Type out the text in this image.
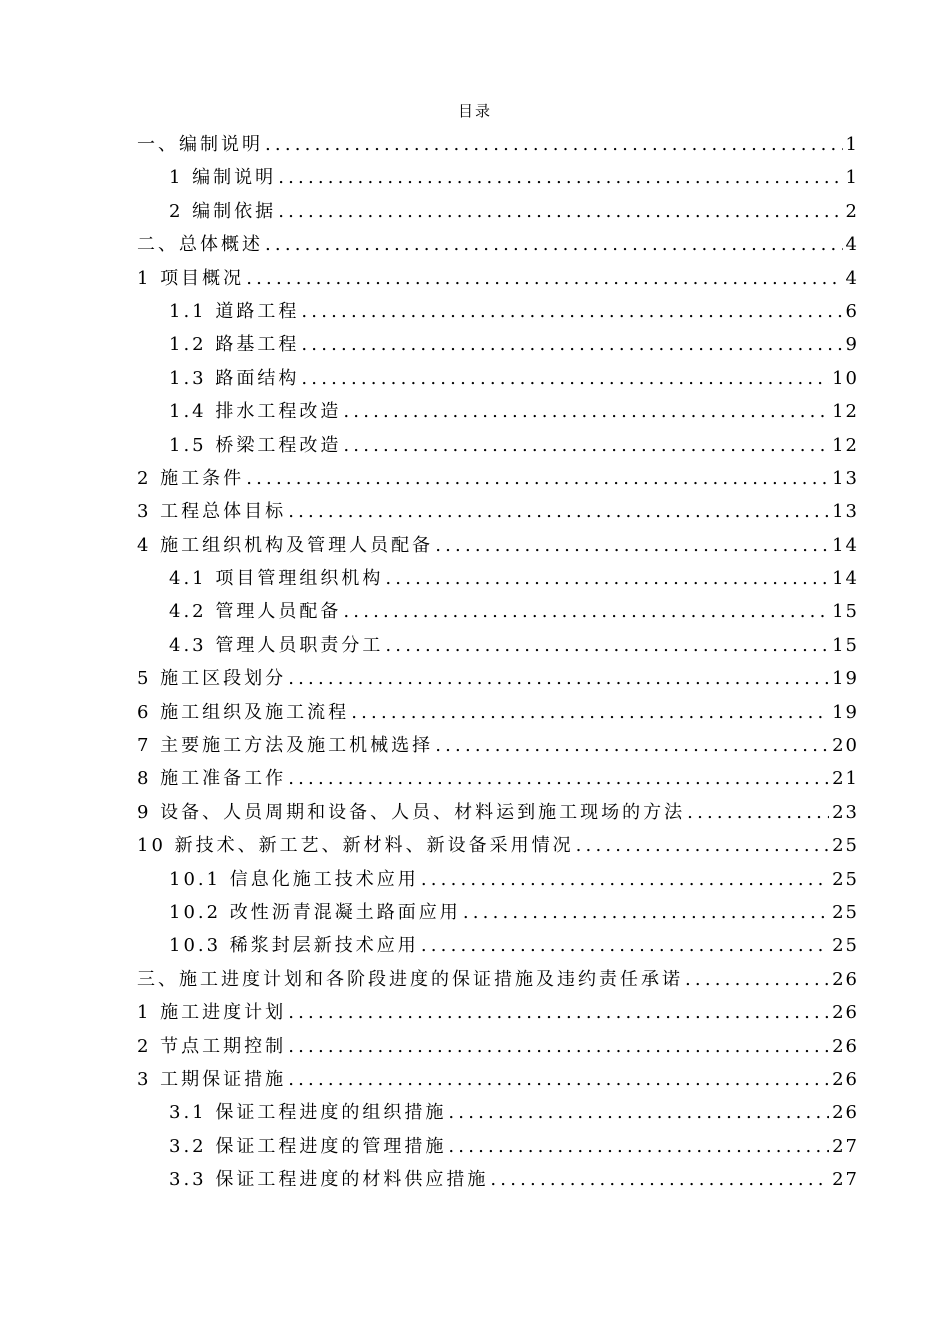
目录
一、编制说明 .....	1
1 编制说明 .....	1
2 编制依据 .....	2
二、总体概述 .....	4
1 项目概况 .....	4
1.1 道路工程 .....	6
1.2 路基工程 .....	9
1.3 路面结构 .....	10
1.4 排水工程改造 .....	12
1.5 桥梁工程改造 .....	12
2 施工条件 .....	13
3 工程总体目标 .....	13
4 施工组织机构及管理人员配备 .....	14
4.1 项目管理组织机构 .....	14
4.2 管理人员配备 .....	15
4.3 管理人员职责分工 .....	15
5 施工区段划分 .....	19
6 施工组织及施工流程 .....	19
7 主要施工方法及施工机械选择 .....	20
8 施工准备工作 .....	21
9 设备、人员周期和设备、人员、材料运到施工现场的方法 .....	23
10 新技术、新工艺、新材料、新设备采用情况 .....	25
10.1 信息化施工技术应用 .....	25
10.2 改性沥青混凝土路面应用 .....	25
10.3 稀浆封层新技术应用 .....	25
三、施工进度计划和各阶段进度的保证措施及违约责任承诺 .....	26
1 施工进度计划 .....	26
2 节点工期控制 .....	26
3 工期保证措施 .....	26
3.1 保证工程进度的组织措施 .....	26
3.2 保证工程进度的管理措施 .....	27
3.3 保证工程进度的材料供应措施 .....	27
